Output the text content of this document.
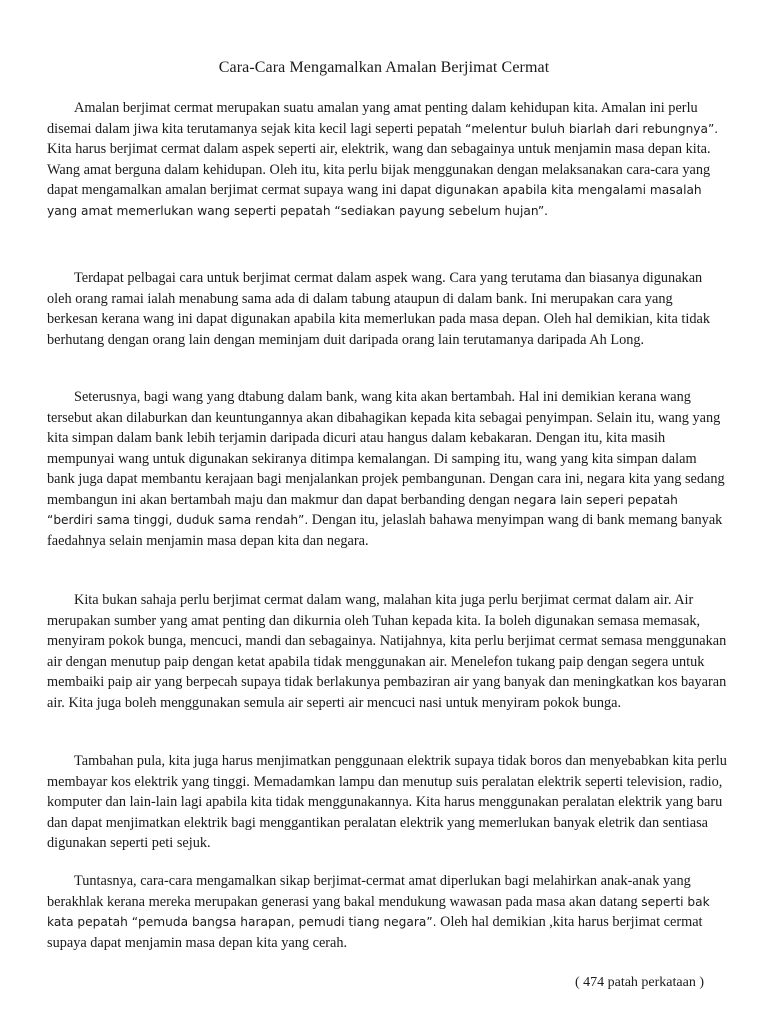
Cara-Cara Mengamalkan Amalan Berjimat Cermat

Amalan berjimat cermat merupakan suatu amalan yang amat penting dalam kehidupan kita. Amalan ini perlu disemai dalam jiwa kita terutamanya sejak kita kecil lagi seperti pepatah “melentur buluh biarlah dari rebungnya”. Kita harus berjimat cermat dalam aspek seperti air, elektrik, wang dan sebagainya untuk menjamin masa depan kita. Wang amat berguna dalam kehidupan. Oleh itu, kita perlu bijak menggunakan dengan melaksanakan cara-cara yang dapat mengamalkan amalan berjimat cermat supaya wang ini dapat digunakan apabila kita mengalami masalah yang amat memerlukan wang seperti pepatah “sediakan payung sebelum hujan”.

Terdapat pelbagai cara untuk berjimat cermat dalam aspek wang. Cara yang terutama dan biasanya digunakan oleh orang ramai ialah menabung sama ada di dalam tabung ataupun di dalam bank. Ini merupakan cara yang berkesan kerana wang ini dapat digunakan apabila kita memerlukan pada masa depan. Oleh hal demikian, kita tidak berhutang dengan orang lain dengan meminjam duit daripada orang lain terutamanya daripada Ah Long.

Seterusnya, bagi wang yang dtabung dalam bank, wang kita akan bertambah. Hal ini demikian kerana wang tersebut akan dilaburkan dan keuntungannya akan dibahagikan kepada kita sebagai penyimpan. Selain itu, wang yang kita simpan dalam bank lebih terjamin daripada dicuri atau hangus dalam kebakaran. Dengan itu, kita masih mempunyai wang untuk digunakan sekiranya ditimpa kemalangan. Di samping itu, wang yang kita simpan dalam bank juga dapat membantu kerajaan bagi menjalankan projek pembangunan. Dengan cara ini, negara kita yang sedang membangun ini akan bertambah maju dan makmur dan dapat berbanding dengan negara lain seperi pepatah “berdiri sama tinggi, duduk sama rendah”. Dengan itu, jelaslah bahawa menyimpan wang di bank memang banyak faedahnya selain menjamin masa depan kita dan negara.

Kita bukan sahaja perlu berjimat cermat dalam wang, malahan kita juga perlu berjimat cermat dalam air. Air merupakan sumber yang amat penting dan dikurnia oleh Tuhan kepada kita. Ia boleh digunakan semasa memasak, menyiram pokok bunga, mencuci, mandi dan sebagainya. Natijahnya, kita perlu berjimat cermat semasa menggunakan air dengan menutup paip dengan ketat apabila tidak menggunakan air. Menelefon tukang paip dengan segera untuk membaiki paip air yang berpecah supaya tidak berlakunya pembaziran air yang banyak dan meningkatkan kos bayaran air. Kita juga boleh menggunakan semula air seperti air mencuci nasi untuk menyiram pokok bunga.

Tambahan pula, kita juga harus menjimatkan penggunaan elektrik supaya tidak boros dan menyebabkan kita perlu membayar kos elektrik yang tinggi. Memadamkan lampu dan menutup suis peralatan elektrik seperti television, radio, komputer dan lain-lain lagi apabila kita tidak menggunakannya. Kita harus menggunakan peralatan elektrik yang baru dan dapat menjimatkan elektrik bagi menggantikan peralatan elektrik yang memerlukan banyak eletrik dan sentiasa digunakan seperti peti sejuk.

Tuntasnya, cara-cara mengamalkan sikap berjimat-cermat amat diperlukan bagi melahirkan anak-anak yang berakhlak kerana mereka merupakan generasi yang bakal mendukung wawasan pada masa akan datang seperti bak kata pepatah “pemuda bangsa harapan, pemudi tiang negara”. Oleh hal demikian ,kita harus berjimat cermat supaya dapat menjamin masa depan kita yang cerah.

( 474 patah perkataan )
